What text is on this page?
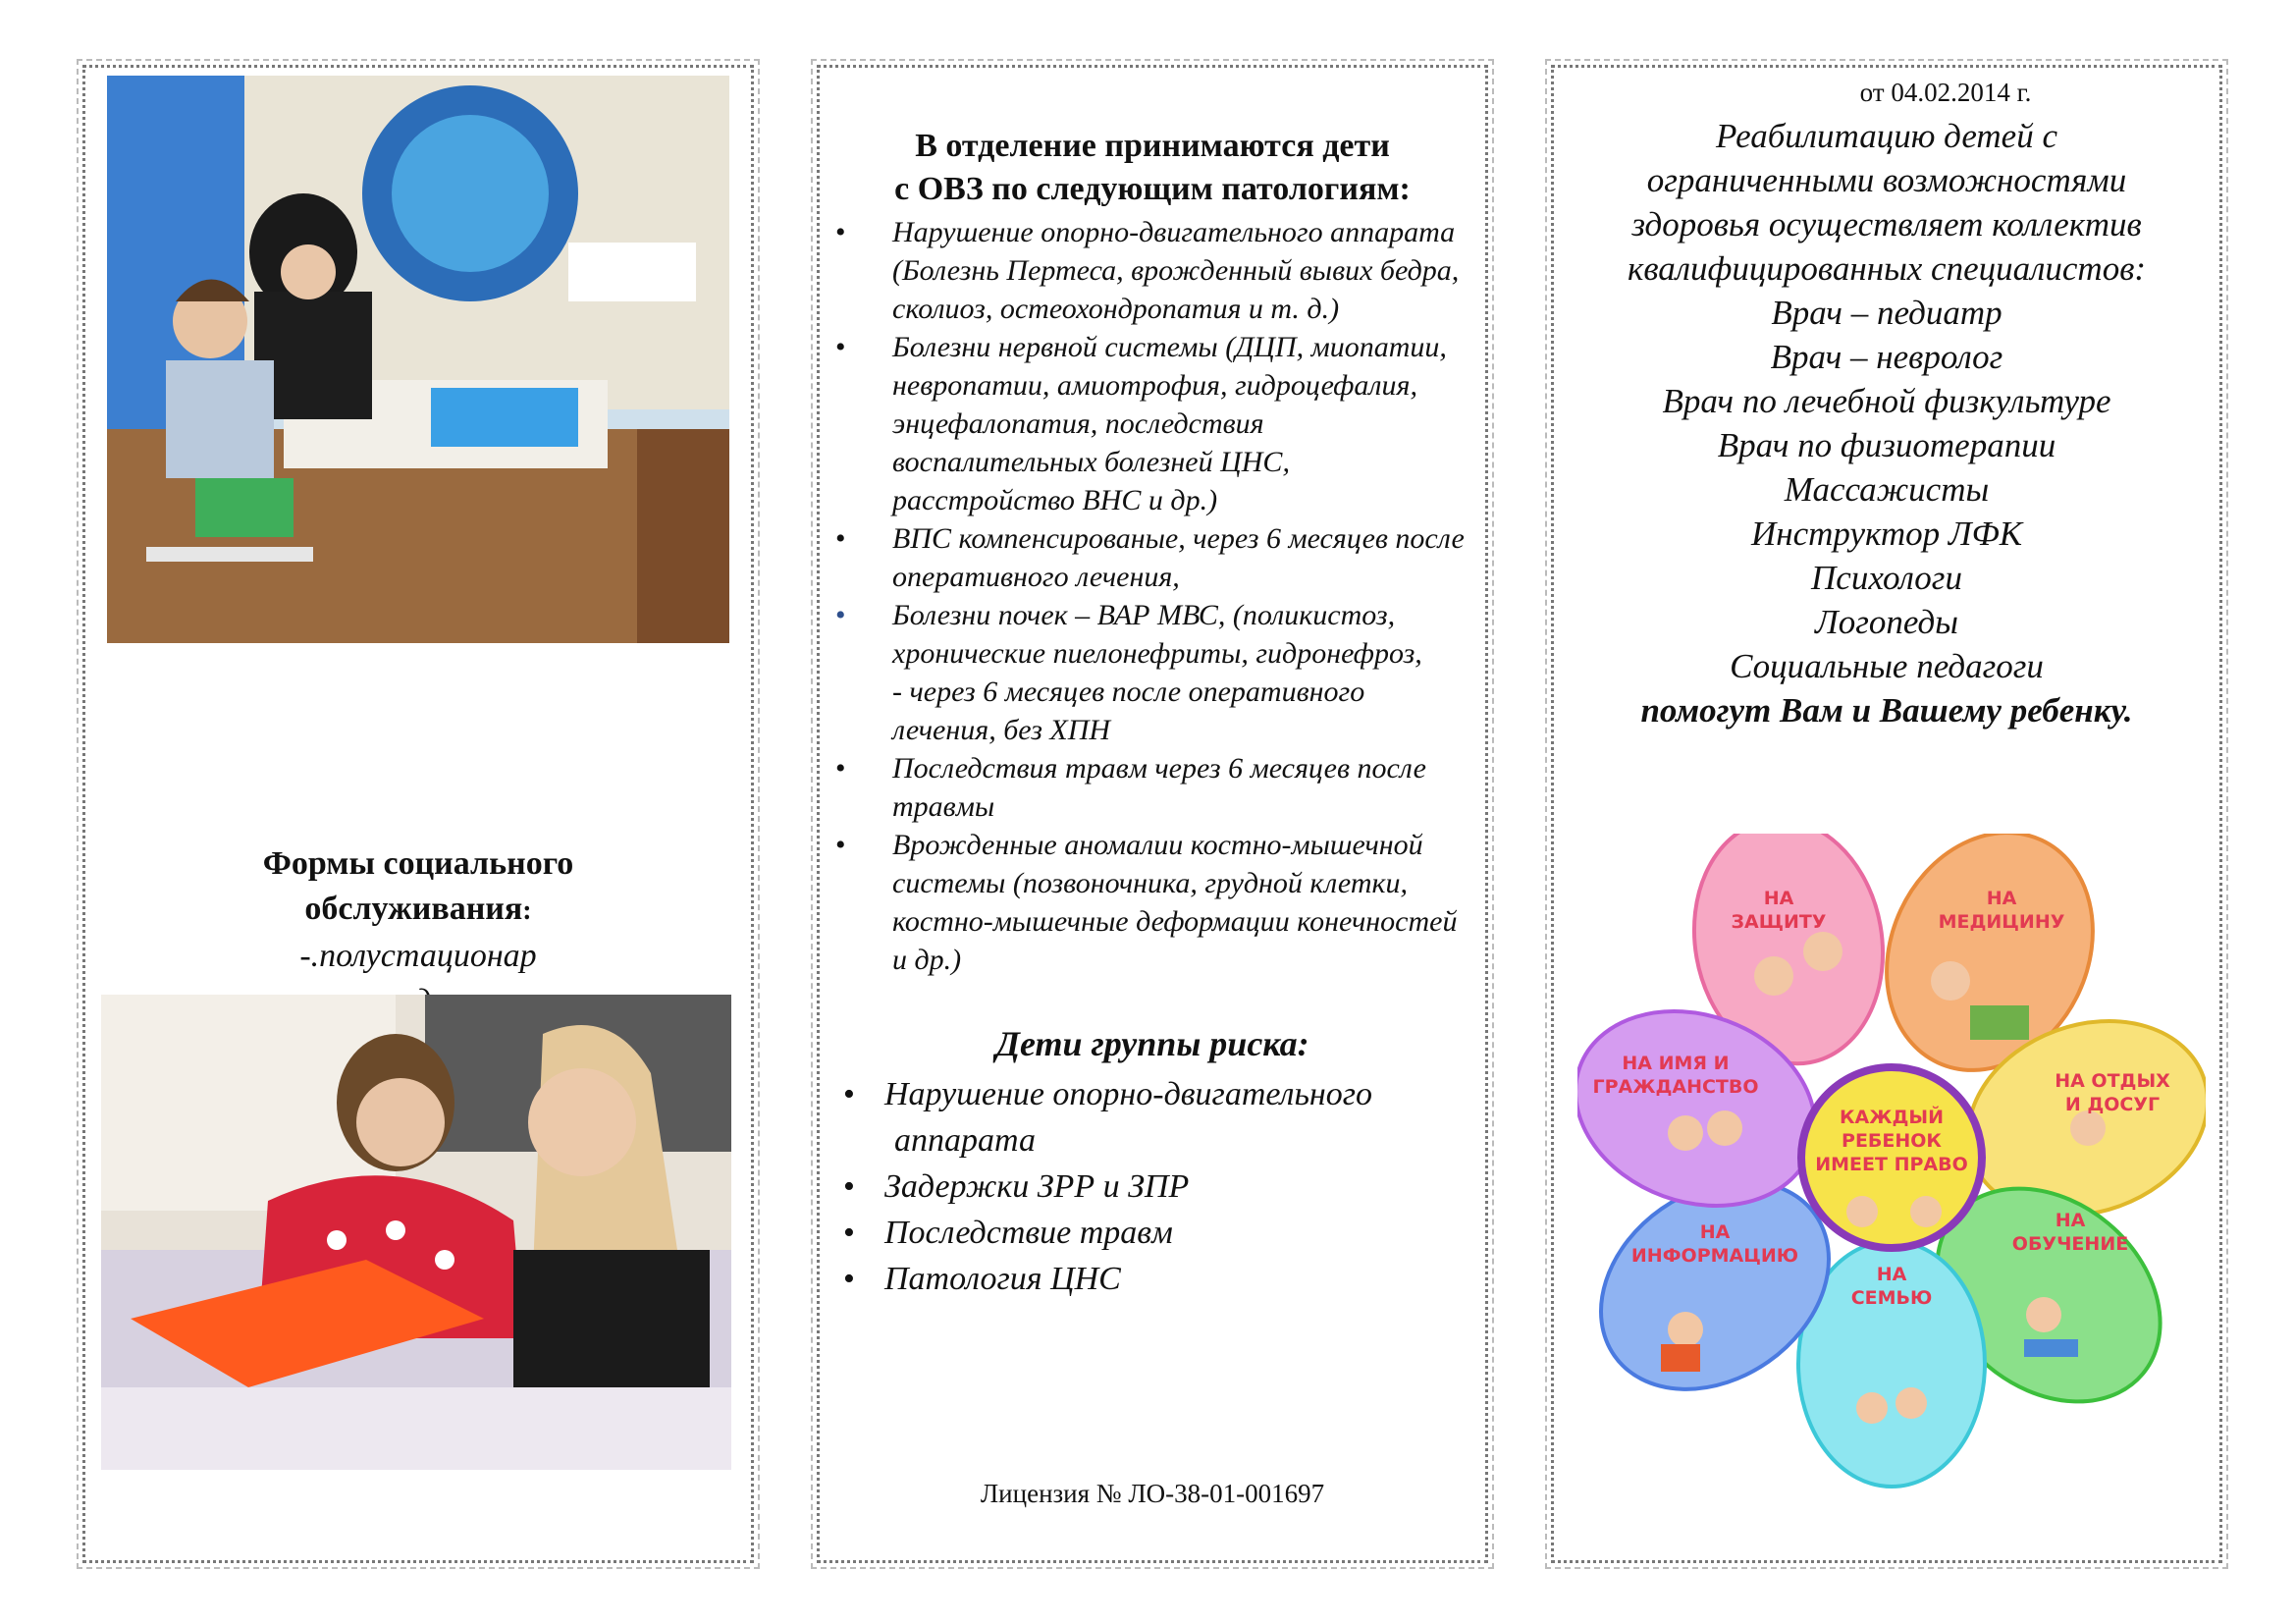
Формы социального
обслуживания:
-.полустационар
В отделение принимаются дети
с ОВЗ по следующим патологиям:
• Нарушение опорно-двигательного аппарата (Болезнь Пертеса, врожденный вывих бедра, сколиоз, остеохондропатия и т. д.)
• Болезни нервной системы (ДЦП, миопатии, невропатии, амиотрофия, гидроцефалия,
энцефалопатия, последствия воспалительных болезней ЦНС, расстройство ВНС и др.)
• ВПС компенсированые, через 6 месяцев после оперативного лечения,
• Болезни почек – ВАР МВС, (поликистоз, хронические пиелонефриты, гидронефроз,
- через 6 месяцев после оперативного лечения, без ХПН
• Последствия травм через 6 месяцев после травмы
• Врожденные аномалии костно-мышечной системы (позвоночника, грудной клетки, костно-мышечные деформации конечностей и др.)
Дети группы риска:
• Нарушение опорно-двигательного
аппарата
• Задержки ЗРР и ЗПР
• Последствие травм
• Патология ЦНС
Лицензия № ЛО-38-01-001697
от 04.02.2014 г.
Реабилитацию детей с
ограниченными возможностями
здоровья осуществляет коллектив
квалифицированных специалистов:
Врач – педиатр
Врач – невролог
Врач по лечебной физкультуре
Врач по физиотерапии
Массажисты
Инструктор ЛФК
Психологи
Логопеды
Социальные педагоги
помогут Вам и Вашему ребенку.
НА
ЗАЩИТУ
НА
МЕДИЦИНУ
НА ОТДЫХ
И ДОСУГ
НА
ОБУЧЕНИЕ
НА
СЕМЬЮ
НА
ИНФОРМАЦИЮ
НА ИМЯ И
ГРАЖДАНСТВО
КАЖДЫЙ
РЕБЕНОК
ИМЕЕТ ПРАВО
